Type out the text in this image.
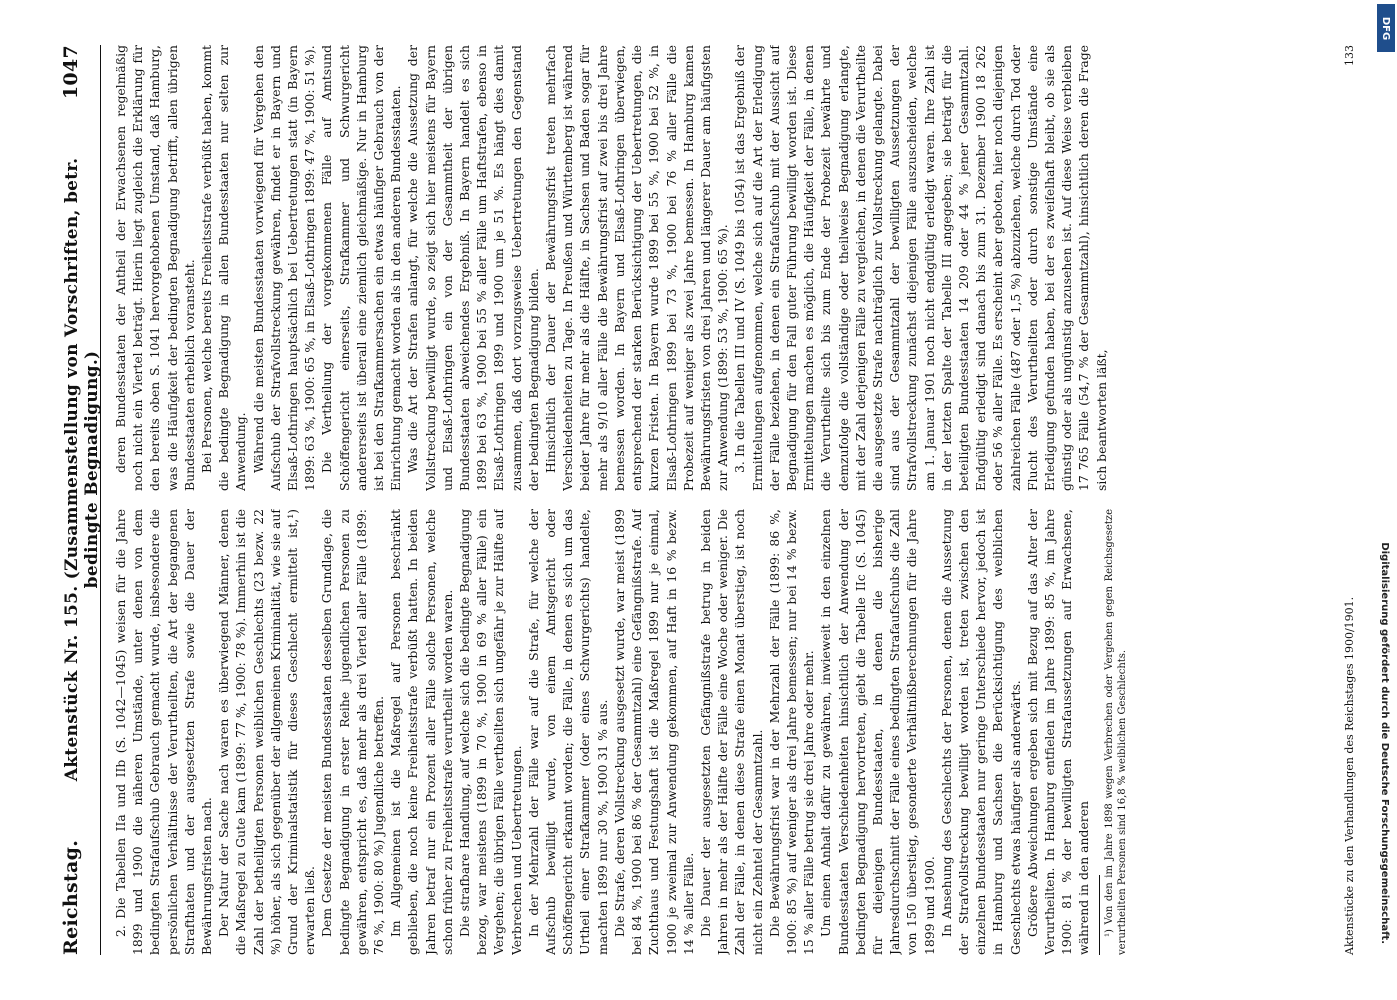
Reichstag.
Aktenstück Nr. 155. (Zusammenstellung von Vorschriften, betr. bedingte Begnadigung.)
1047

2. Die Tabellen IIa und IIb (S. 1042—1045) weisen für die Jahre 1899 und 1900 die näheren Umstände, unter denen von dem bedingten Strafaufschub Gebrauch gemacht wurde, insbesondere die persönlichen Verhältnisse der Verurtheilten, die Art der begangenen Strafthaten und der ausgesetzten Strafe sowie die Dauer der Bewährungsfristen nach. Der Natur der Sache nach waren es überwiegend Männer, denen die Maßregel zu Gute kam (1899: 77 %, 1900: 78 %). Immerhin ist die Zahl der betheiligten Personen weiblichen Geschlechts (23 bezw. 22 %) höher, als sich gegenüber der allgemeinen Kriminalität, wie sie auf Grund der Kriminalstatistik für dieses Geschlecht ermittelt ist,¹) erwarten ließ. Dem Gesetze der meisten Bundesstaaten desselben Grundlage, die bedingte Begnadigung in erster Reihe jugendlichen Personen zu gewähren, entspricht es, daß mehr als drei Viertel aller Fälle (1899: 76 %, 1900: 80 %) Jugendliche betreffen. Im Allgemeinen ist die Maßregel auf Personen beschränkt geblieben, die noch keine Freiheitsstrafe verbüßt hatten. In beiden Jahren betraf nur ein Prozent aller Fälle solche Personen, welche schon früher zu Freiheitsstrafe verurtheilt worden waren. Die strafbare Handlung, auf welche sich die bedingte Begnadigung bezog, war meistens (1899 in 70 %, 1900 in 69 % aller Fälle) ein Vergehen; die übrigen Fälle vertheilten sich ungefähr je zur Hälfte auf Verbrechen und Uebertretungen. In der Mehrzahl der Fälle war auf die Strafe, für welche der Aufschub bewilligt wurde, von einem Amtsgericht oder Schöffengericht erkannt worden; die Fälle, in denen es sich um das Urtheil einer Strafkammer (oder eines Schwurgerichts) handelte, machten 1899 nur 30 %, 1900 31 % aus. Die Strafe, deren Vollstreckung ausgesetzt wurde, war meist (1899 bei 84 %, 1900 bei 86 % der Gesammtzahl) eine Gefängnißstrafe. Auf Zuchthaus und Festungshaft ist die Maßregel 1899 nur je einmal, 1900 je zweimal zur Anwendung gekommen, auf Haft in 16 % bezw. 14 % aller Fälle. Die Dauer der ausgesetzten Gefängnißstrafe betrug in beiden Jahren in mehr als der Hälfte der Fälle eine Woche oder weniger. Die Zahl der Fälle, in denen diese Strafe einen Monat überstieg, ist noch nicht ein Zehntel der Gesammtzahl. Die Bewährungsfrist war in der Mehrzahl der Fälle (1899: 86 %, 1900: 85 %) auf weniger als drei Jahre bemessen; nur bei 14 % bezw. 15 % aller Fälle betrug sie drei Jahre oder mehr. Um einen Anhalt dafür zu gewähren, inwieweit in den einzelnen Bundesstaaten Verschiedenheiten hinsichtlich der Anwendung der bedingten Begnadigung hervortreten, giebt die Tabelle IIc (S. 1045) für diejenigen Bundesstaaten, in denen die bisherige Jahresdurchschnitt der Fälle eines bedingten Strafaufschubs die Zahl von 150 überstieg, gesonderte Verhältnißberechnungen für die Jahre 1899 und 1900. In Ansehung des Geschlechts der Personen, denen die Aussetzung der Strafvollstreckung bewilligt worden ist, treten zwischen den einzelnen Bundesstaaten nur geringe Unterschiede hervor, jedoch ist in Hamburg und Sachsen die Berücksichtigung des weiblichen Geschlechts etwas häufiger als anderwärts. Größere Abweichungen ergeben sich mit Bezug auf das Alter der Verurtheilten. In Hamburg entfielen im Jahre 1899: 85 %, im Jahre 1900: 81 % der bewilligten Strafaussetzungen auf Erwachsene, während in den anderen ¹) Von den im Jahre 1898 wegen Verbrechen oder Vergehen gegen Reichsgesetze verurtheilten Personen sind 16,8 % weiblichen Geschlechts.

deren Bundesstaaten der Antheil der Erwachsenen regelmäßig noch nicht ein Viertel beträgt. Hierin liegt zugleich die Erklärung für den bereits oben S. 1041 hervorgehobenen Umstand, daß Hamburg, was die Häufigkeit der bedingten Begnadigung betrifft, allen übrigen Bundesstaaten erheblich voransteht. Bei Personen, welche bereits Freiheitsstrafe verbüßt haben, kommt die bedingte Begnadigung in allen Bundesstaaten nur selten zur Anwendung. Während die meisten Bundesstaaten vorwiegend für Vergehen den Aufschub der Strafvollstreckung gewähren, findet er in Bayern und Elsaß-Lothringen hauptsächlich bei Uebertretungen statt (in Bayern 1899: 63 %, 1900: 65 %, in Elsaß-Lothringen 1899: 47 %, 1900: 51 %). Die Vertheilung der vorgekommenen Fälle auf Amtsund Schöffengericht einerseits, Strafkammer und Schwurgericht andererseits ist überall eine ziemlich gleichmäßige. Nur in Hamburg ist bei den Strafkammersachen ein etwas häufiger Gebrauch von der Einrichtung gemacht worden als in den anderen Bundesstaaten. Was die Art der Strafen anlangt, für welche die Aussetzung der Vollstreckung bewilligt wurde, so zeigt sich hier meistens für Bayern und Elsaß-Lothringen ein von der Gesammtheit der übrigen Bundesstaaten abweichendes Ergebniß. In Bayern handelt es sich 1899 bei 63 %, 1900 bei 55 % aller Fälle um Haftstrafen, ebenso in Elsaß-Lothringen 1899 und 1900 um je 51 %. Es hängt dies damit zusammen, daß dort vorzugsweise Uebertretungen den Gegenstand der bedingten Begnadigung bilden. Hinsichtlich der Dauer der Bewährungsfrist treten mehrfach Verschiedenheiten zu Tage. In Preußen und Württemberg ist während beider Jahre für mehr als die Hälfte, in Sachsen und Baden sogar für mehr als 9/10 aller Fälle die Bewährungsfrist auf zwei bis drei Jahre bemessen worden. In Bayern und Elsaß-Lothringen überwiegen, entsprechend der starken Berücksichtigung der Uebertretungen, die kurzen Fristen. In Bayern wurde 1899 bei 55 %, 1900 bei 52 %, in Elsaß-Lothringen 1899 bei 73 %, 1900 bei 76 % aller Fälle die Probezeit auf weniger als zwei Jahre bemessen. In Hamburg kamen Bewährungsfristen von drei Jahren und längerer Dauer am häufigsten zur Anwendung (1899: 53 %, 1900: 65 %). 3. In die Tabellen III und IV (S. 1049 bis 1054) ist das Ergebniß der Ermittelungen aufgenommen, welche sich auf die Art der Erledigung der Fälle beziehen, in denen ein Strafaufschub mit der Aussicht auf Begnadigung für den Fall guter Führung bewilligt worden ist. Diese Ermittelungen machen es möglich, die Häufigkeit der Fälle, in denen die Verurtheilte sich bis zum Ende der Probezeit bewährte und demzufolge die vollständige oder theilweise Begnadigung erlangte, mit der Zahl derjenigen Fälle zu vergleichen, in denen die Verurtheilte die ausgesetzte Strafe nachträglich zur Vollstreckung gelangte. Dabei sind aus der Gesammtzahl der bewilligten Aussetzungen der Strafvollstreckung zunächst diejenigen Fälle auszuscheiden, welche am 1. Januar 1901 noch nicht endgültig erledigt waren. Ihre Zahl ist in der letzten Spalte der Tabelle III angegeben; sie beträgt für die beteiligten Bundesstaaten 14 209 oder 44 % jener Gesammtzahl. Endgültig erledigt sind danach bis zum 31. Dezember 1900 18 262 oder 56 % aller Fälle. Es erscheint aber geboten, hier noch diejenigen zahlreichen Fälle (487 oder 1,5 %) abzuziehen, welche durch Tod oder Flucht des Verurtheilten oder durch sonstige Umstände eine Erledigung gefunden haben, bei der es zweifelhaft bleibt, ob sie als günstig oder als ungünstig anzusehen ist. Auf diese Weise verbleiben 17 765 Fälle (54,7 % der Gesammtzahl), hinsichtlich deren die Frage sich beantworten läßt,

Aktenstücke zu den Verhandlungen des Reichstages 1900/1901.
133
Digitalisierung gefördert durch die Deutsche Forschungsgemeinschaft.
DFG
